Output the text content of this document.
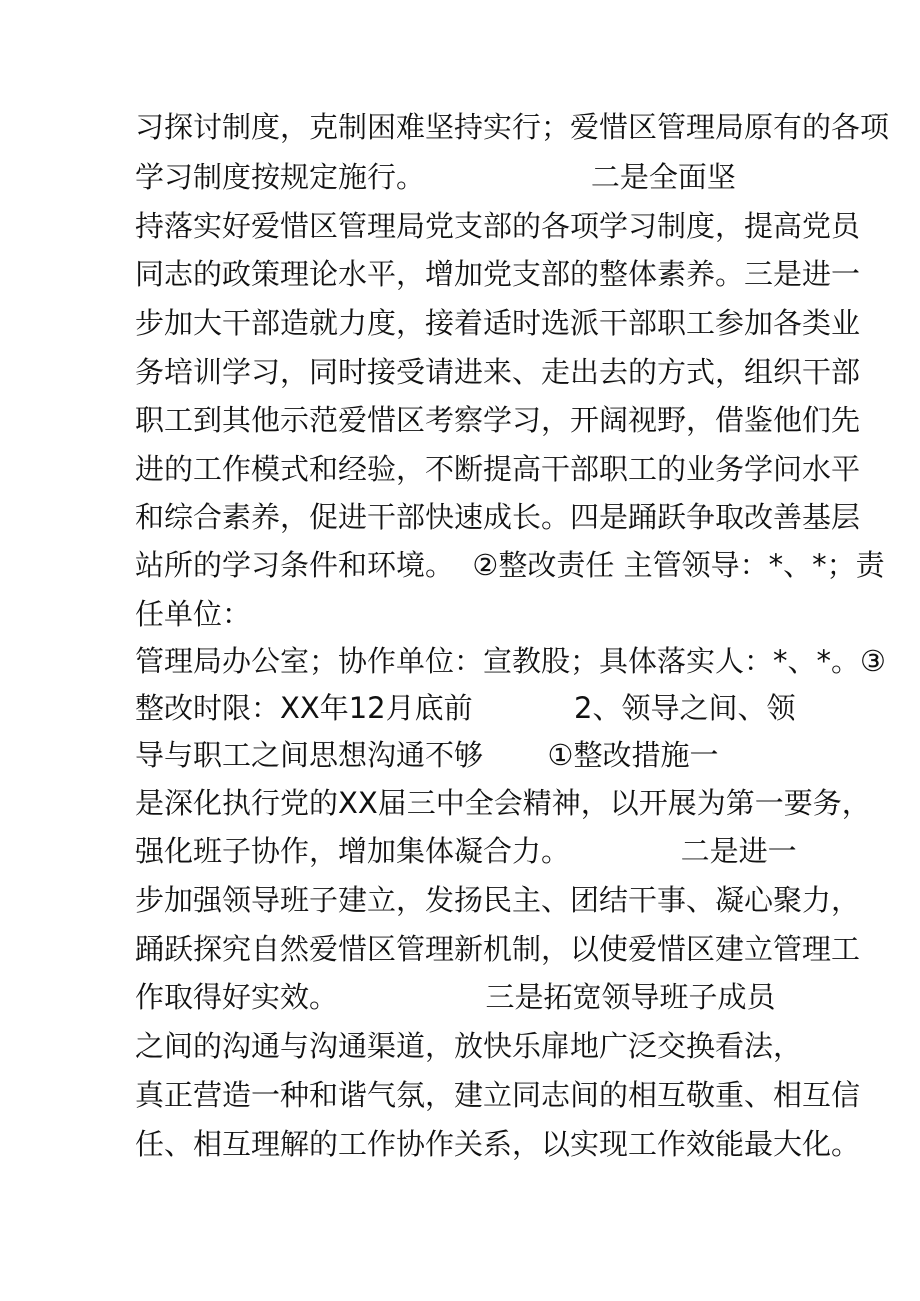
习探讨制度，克制困难坚持实行；爱惜区管理局原有的各项
学习制度按规定施行。                  二是全面坚
持落实好爱惜区管理局党支部的各项学习制度，提高党员
同志的政策理论水平，增加党支部的整体素养。三是进一
步加大干部造就力度，接着适时选派干部职工参加各类业
务培训学习，同时接受请进来、走出去的方式，组织干部
职工到其他示范爱惜区考察学习，开阔视野，借鉴他们先
进的工作模式和经验，不断提高干部职工的业务学问水平
和综合素养，促进干部快速成长。四是踊跃争取改善基层
站所的学习条件和环境。  ②整改责任 主管领导：*、*；责
任单位：
管理局办公室；协作单位：宣教股；具体落实人：*、*。③
整改时限：XX年12月底前           2、领导之间、领
导与职工之间思想沟通不够       ①整改措施一
是深化执行党的XX届三中全会精神，以开展为第一要务，
强化班子协作，增加集体凝合力。            二是进一
步加强领导班子建立，发扬民主、团结干事、凝心聚力，
踊跃探究自然爱惜区管理新机制，以使爱惜区建立管理工
作取得好实效。                三是拓宽领导班子成员
之间的沟通与沟通渠道，放快乐扉地广泛交换看法，
真正营造一种和谐气氛，建立同志间的相互敬重、相互信
任、相互理解的工作协作关系，以实现工作效能最大化。
